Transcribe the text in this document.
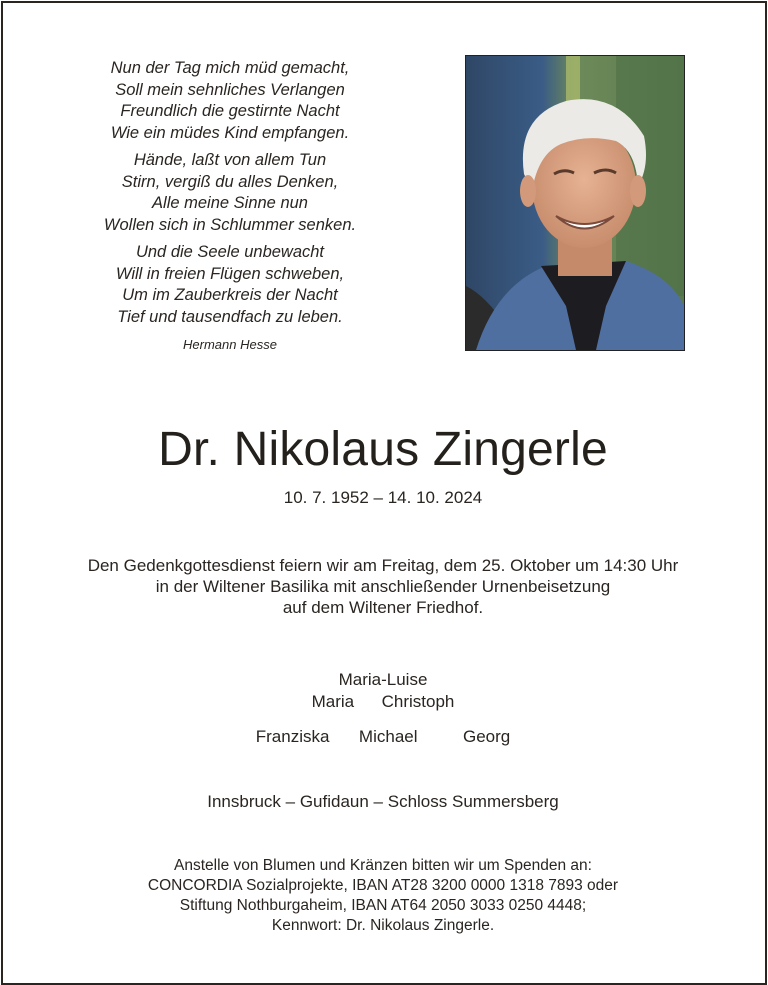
Nun der Tag mich müd gemacht,
Soll mein sehnliches Verlangen
Freundlich die gestirnte Nacht
Wie ein müdes Kind empfangen.
Hände, laßt von allem Tun
Stirn, vergiß du alles Denken,
Alle meine Sinne nun
Wollen sich in Schlummer senken.
Und die Seele unbewacht
Will in freien Flügen schweben,
Um im Zauberkreis der Nacht
Tief und tausendfach zu leben.
Hermann Hesse
Dr. Nikolaus Zingerle
10. 7. 1952 – 14. 10. 2024
Den Gedenkgottesdienst feiern wir am Freitag, dem 25. Oktober um 14:30 Uhr
in der Wiltener Basilika mit anschließender Urnenbeisetzung
auf dem Wiltener Friedhof.
Maria-Luise
Maria Christoph
Franziska Michael	Georg
Innsbruck – Gufidaun – Schloss Summersberg
Anstelle von Blumen und Kränzen bitten wir um Spenden an:
CONCORDIA Sozialprojekte, IBAN AT28 3200 0000 1318 7893 oder
Stiftung Nothburgaheim, IBAN AT64 2050 3033 0250 4448;
Kennwort: Dr. Nikolaus Zingerle.
